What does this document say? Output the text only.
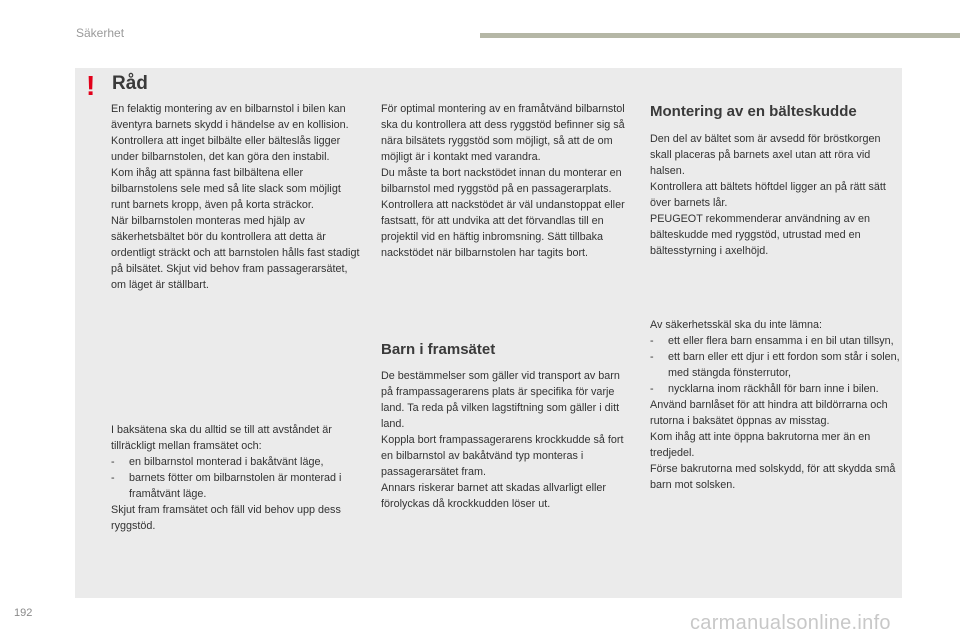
Säkerhet
! Råd

En felaktig montering av en bilbarnstol i bilen kan äventyra barnets skydd i händelse av en kollision.

Kontrollera att inget bilbälte eller bälteslås ligger under bilbarnstolen, det kan göra den instabil.

Kom ihåg att spänna fast bilbältena eller bilbarnstolens sele med så lite slack som möjligt runt barnets kropp, även på korta sträckor.

När bilbarnstolen monteras med hjälp av säkerhetsbältet bör du kontrollera att detta är ordentligt sträckt och att barnstolen hålls fast stadigt på bilsätet. Skjut vid behov fram passagerarsätet, om läget är ställbart.

I baksätena ska du alltid se till att avståndet är tillräckligt mellan framsätet och:

-	en bilbarnstol monterad i bakåtvänt läge,
-	barnets fötter om bilbarnstolen är monterad i framåtvänt läge.

Skjut fram framsätet och fäll vid behov upp dess ryggstöd.

För optimal montering av en framåtvänd bilbarnstol ska du kontrollera att dess ryggstöd befinner sig så nära bilsätets ryggstöd som möjligt, så att de om möjligt är i kontakt med varandra.

Du måste ta bort nackstödet innan du monterar en bilbarnstol med ryggstöd på en passagerarplats.

Kontrollera att nackstödet är väl undanstoppat eller fastsatt, för att undvika att det förvandlas till en projektil vid en häftig inbromsning. Sätt tillbaka nackstödet när bilbarnstolen har tagits bort.

Barn i framsätet

De bestämmelser som gäller vid transport av barn på frampassagerarens plats är specifika för varje land. Ta reda på vilken lagstiftning som gäller i ditt land.

Koppla bort frampassagerarens krockkudde så fort en bilbarnstol av bakåtvänd typ monteras i passagerarsätet fram.

Annars riskerar barnet att skadas allvarligt eller förolyckas då krockkudden löser ut.

Montering av en bälteskudde

Den del av bältet som är avsedd för bröstkorgen skall placeras på barnets axel utan att röra vid halsen.

Kontrollera att bältets höftdel ligger an på rätt sätt över barnets lår.

PEUGEOT rekommenderar användning av en bälteskudde med ryggstöd, utrustad med en bältesstyrning i axelhöjd.

Av säkerhetsskäl ska du inte lämna:

-	ett eller flera barn ensamma i en bil utan tillsyn,
-	ett barn eller ett djur i ett fordon som står i solen, med stängda fönsterrutor,
-	nycklarna inom räckhåll för barn inne i bilen.

Använd barnlåset för att hindra att bildörrarna och rutorna i baksätet öppnas av misstag.

Kom ihåg att inte öppna bakrutorna mer än en tredjedel.

Förse bakrutorna med solskydd, för att skydda små barn mot solsken.

192	carmanualsonline.info
